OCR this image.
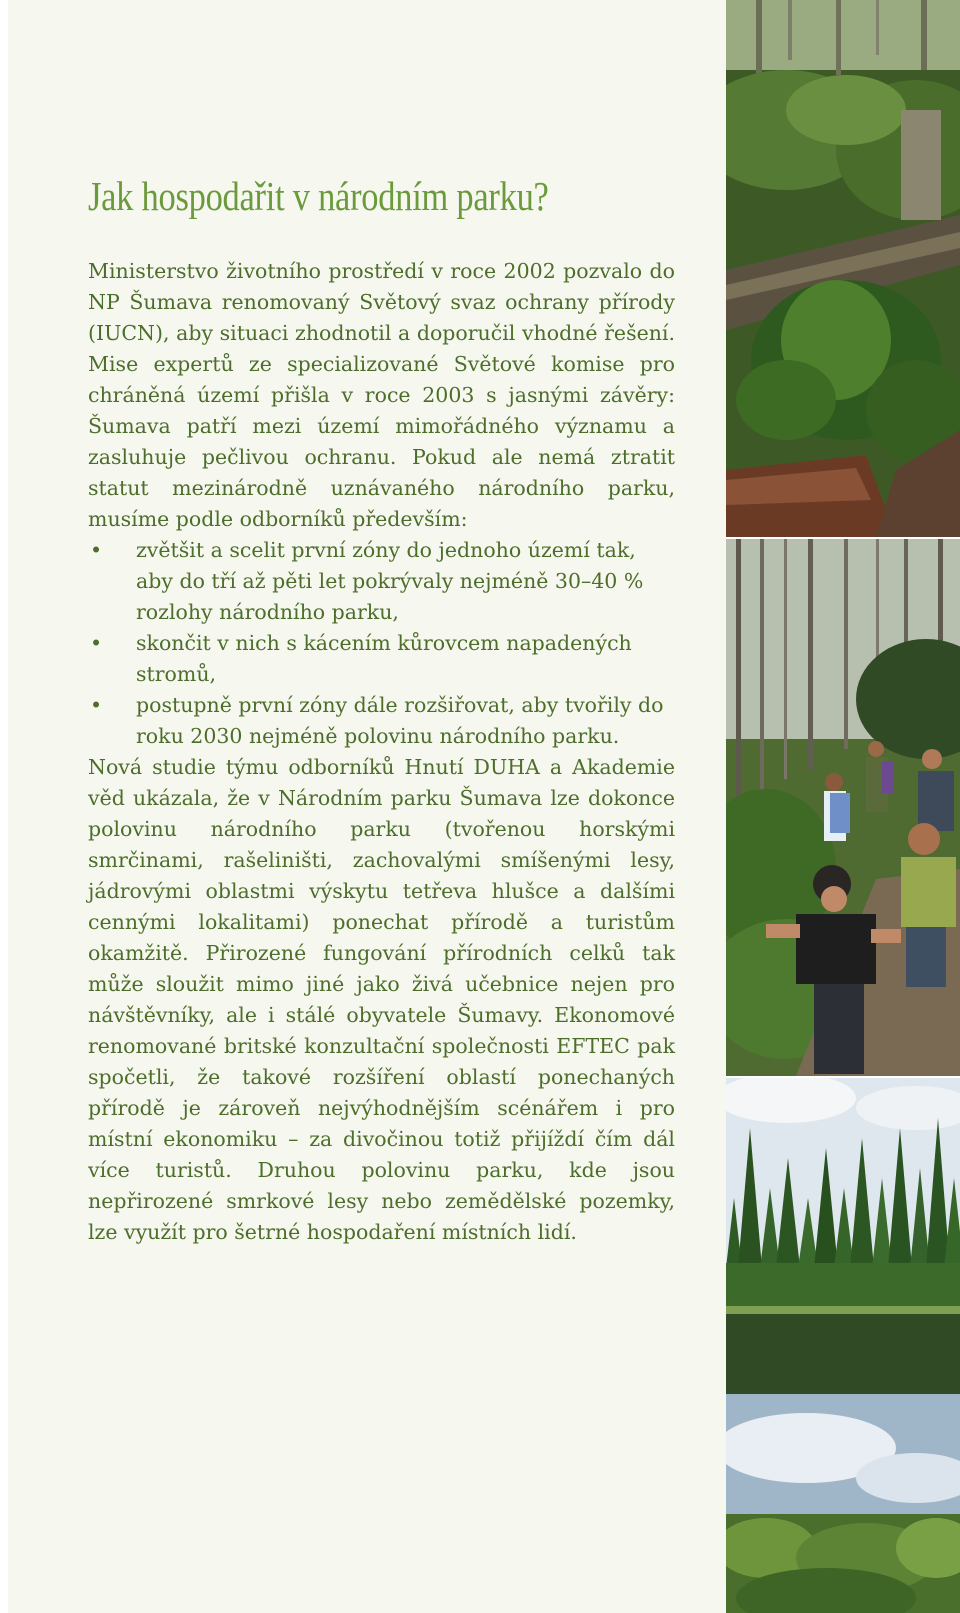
Jak hospodařit v národním parku?

Ministerstvo životního prostředí v roce 2002 pozvalo do NP Šumava renomovaný Světový svaz ochrany přírody (IUCN), aby situaci zhodnotil a doporučil vhodné řešení. Mise expertů ze specializované Světové komise pro chráněná území přišla v roce 2003 s jasnými závěry: Šumava patří mezi území mimořádného významu a zasluhuje pečlivou ochranu. Pokud ale nemá ztratit statut mezinárodně uznávaného národního parku, musíme podle odborníků především:

• zvětšit a scelit první zóny do jednoho území tak, aby do tří až pěti let pokrývaly nejméně 30–40 % rozlohy národního parku,
• skončit v nich s kácením kůrovcem napadených stromů,
• postupně první zóny dále rozšiřovat, aby tvořily do roku 2030 nejméně polovinu národního parku.

Nová studie týmu odborníků Hnutí DUHA a Akademie věd ukázala, že v Národním parku Šumava lze dokonce polovinu národního parku (tvořenou horskými smrčinami, rašeliništi, zachovalými smíšenými lesy, jádrovými oblastmi výskytu tetřeva hlušce a dalšími cennými lokalitami) ponechat přírodě a turistům okamžitě. Přirozené fungování přírodních celků tak může sloužit mimo jiné jako živá učebnice nejen pro návštěvníky, ale i stálé obyvatele Šumavy. Ekonomové renomované britské konzultační společnosti EFTEC pak spočetli, že takové rozšíření oblastí ponechaných přírodě je zároveň nejvýhodnějším scénářem i pro místní ekonomiku – za divočinou totiž přijíždí čím dál více turistů. Druhou polovinu parku, kde jsou nepřirozené smrkové lesy nebo zemědělské pozemky, lze využít pro šetrné hospodaření místních lidí.
